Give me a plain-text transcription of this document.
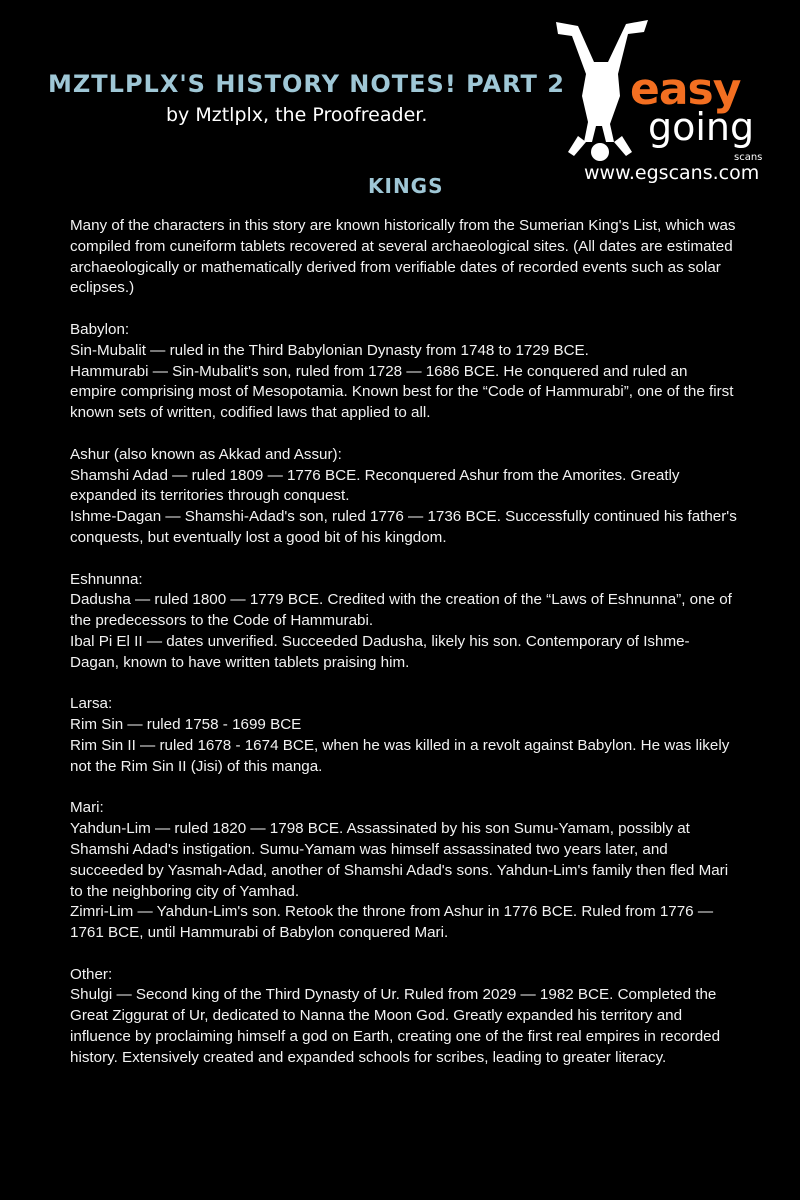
MZTLPLX'S HISTORY NOTES! PART 2
by Mztlplx, the Proofreader.	easy
going
scans
www.egscans.com
KINGS

Many of the characters in this story are known historically from the Sumerian King's List, which was compiled from cuneiform tablets recovered at several archaeological sites. (All dates are estimated archaeologically or mathematically derived from verifiable dates of recorded events such as solar eclipses.)

Babylon:

Sin-Mubalit — ruled in the Third Babylonian Dynasty from 1748 to 1729 BCE.

Hammurabi — Sin-Mubalit's son, ruled from 1728 — 1686 BCE. He conquered and ruled an empire comprising most of Mesopotamia. Known best for the “Code of Hammurabi”, one of the first known sets of written, codified laws that applied to all.

Ashur (also known as Akkad and Assur):

Shamshi Adad — ruled 1809 — 1776 BCE. Reconquered Ashur from the Amorites. Greatly expanded its territories through conquest.

Ishme-Dagan — Shamshi-Adad's son, ruled 1776 — 1736 BCE. Successfully continued his father's conquests, but eventually lost a good bit of his kingdom.

Eshnunna:

Dadusha — ruled 1800 — 1779 BCE. Credited with the creation of the “Laws of Eshnunna”, one of the predecessors to the Code of Hammurabi.

Ibal Pi El II — dates unverified. Succeeded Dadusha, likely his son. Contemporary of Ishme-Dagan, known to have written tablets praising him.

Larsa:

Rim Sin — ruled 1758 - 1699 BCE

Rim Sin II — ruled 1678 - 1674 BCE, when he was killed in a revolt against Babylon. He was likely not the Rim Sin II (Jisi) of this manga.

Mari:

Yahdun-Lim — ruled 1820 — 1798 BCE. Assassinated by his son Sumu-Yamam, possibly at Shamshi Adad's instigation. Sumu-Yamam was himself assassinated two years later, and succeeded by Yasmah-Adad, another of Shamshi Adad's sons. Yahdun-Lim's family then fled Mari to the neighboring city of Yamhad.

Zimri-Lim — Yahdun-Lim's son. Retook the throne from Ashur in 1776 BCE. Ruled from 1776 — 1761 BCE, until Hammurabi of Babylon conquered Mari.

Other:

Shulgi — Second king of the Third Dynasty of Ur. Ruled from 2029 — 1982 BCE. Completed the Great Ziggurat of Ur, dedicated to Nanna the Moon God. Greatly expanded his territory and influence by proclaiming himself a god on Earth, creating one of the first real empires in recorded history. Extensively created and expanded schools for scribes, leading to greater literacy.
